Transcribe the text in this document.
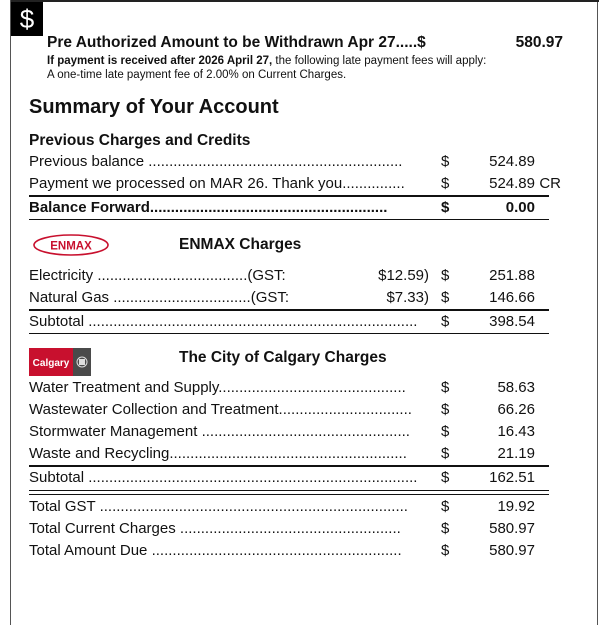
$
Pre Authorized Amount to be Withdrawn Apr 27.....$	580.97
If payment is received after 2026 April 27, the following late payment fees will apply:
A one-time late payment fee of 2.00% on Current Charges.
Summary of Your Account
Previous Charges and Credits
Previous balance .............................................................	$	524.89
Payment we processed on MAR 26. Thank you...............	$	524.89 CR
Balance Forward.........................................................	$	0.00
ENMAX	ENMAX Charges
Electricity ....................................(GST:	$12.59) $	251.88
Natural Gas .................................(GST:	$7.33) $	146.66
Subtotal ...............................................................................	$	398.54
Calgary	The City of Calgary Charges
Water Treatment and Supply.............................................	$	58.63
Wastewater Collection and Treatment................................	$	66.26
Stormwater Management ..................................................	$	16.43
Waste and Recycling.........................................................	$	21.19
Subtotal ...............................................................................	$	162.51
Total GST ..........................................................................	$	19.92
Total Current Charges .....................................................	$	580.97
Total Amount Due ............................................................	$	580.97
